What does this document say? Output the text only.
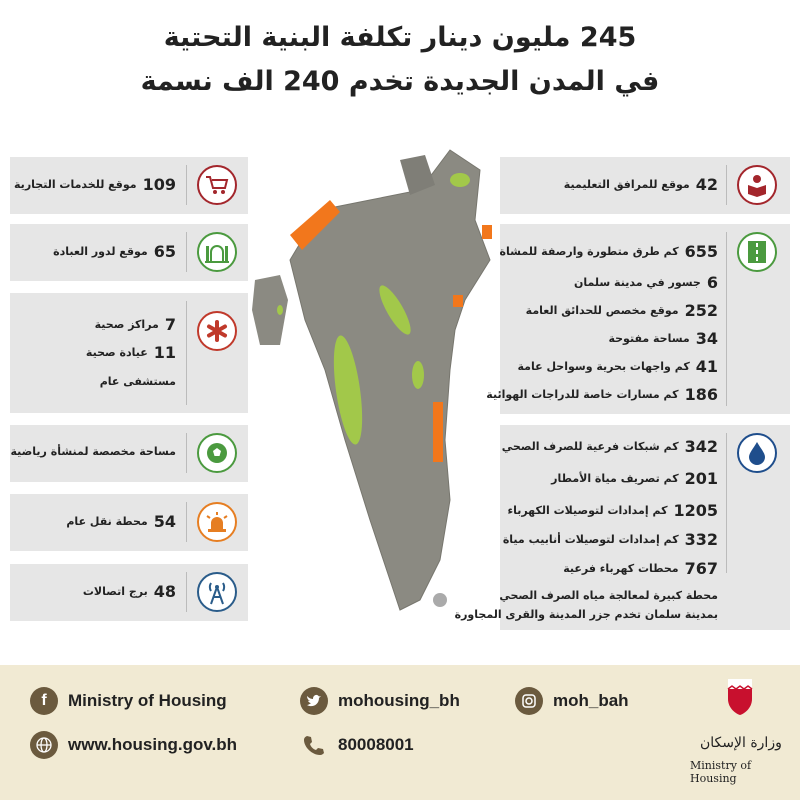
245 مليون دينار تكلفة البنية التحتية
في المدن الجديدة تخدم 240 الف نسمة
109
موقع للخدمات التجارية
65
موقع لدور العبادة
7
مراكز صحية
11
عيادة صحية
مستشفى عام
مساحة مخصصة لمنشأة رياضية
54
محطة نقل عام
48
برج اتصالات
42
موقع للمرافق التعليمية
655
كم طرق متطورة وارصفة للمشاة
6
جسور في مدينة سلمان
252
موقع مخصص للحدائق العامة
34
مساحة مفتوحة
41
كم واجهات بحرية وسواحل عامة
186
كم مسارات خاصة للدراجات الهوائية
342
كم شبكات فرعية للصرف الصحي
201
كم تصريف مياة الأمطار
1205
كم إمدادات لتوصيلات الكهرباء
332
كم إمدادات لتوصيلات أنابيب مياة
767
محطات كهرباء فرعية
محطة كبيرة لمعالجة مياه الصرف الصحي
بمدينة سلمان تخدم جزر المدينة والقرى المجاورة
f Ministry of Housing	mohousing_bh	moh_bah
www.housing.gov.bh	80008001	وزارة الإسكان
Ministry of Housing
